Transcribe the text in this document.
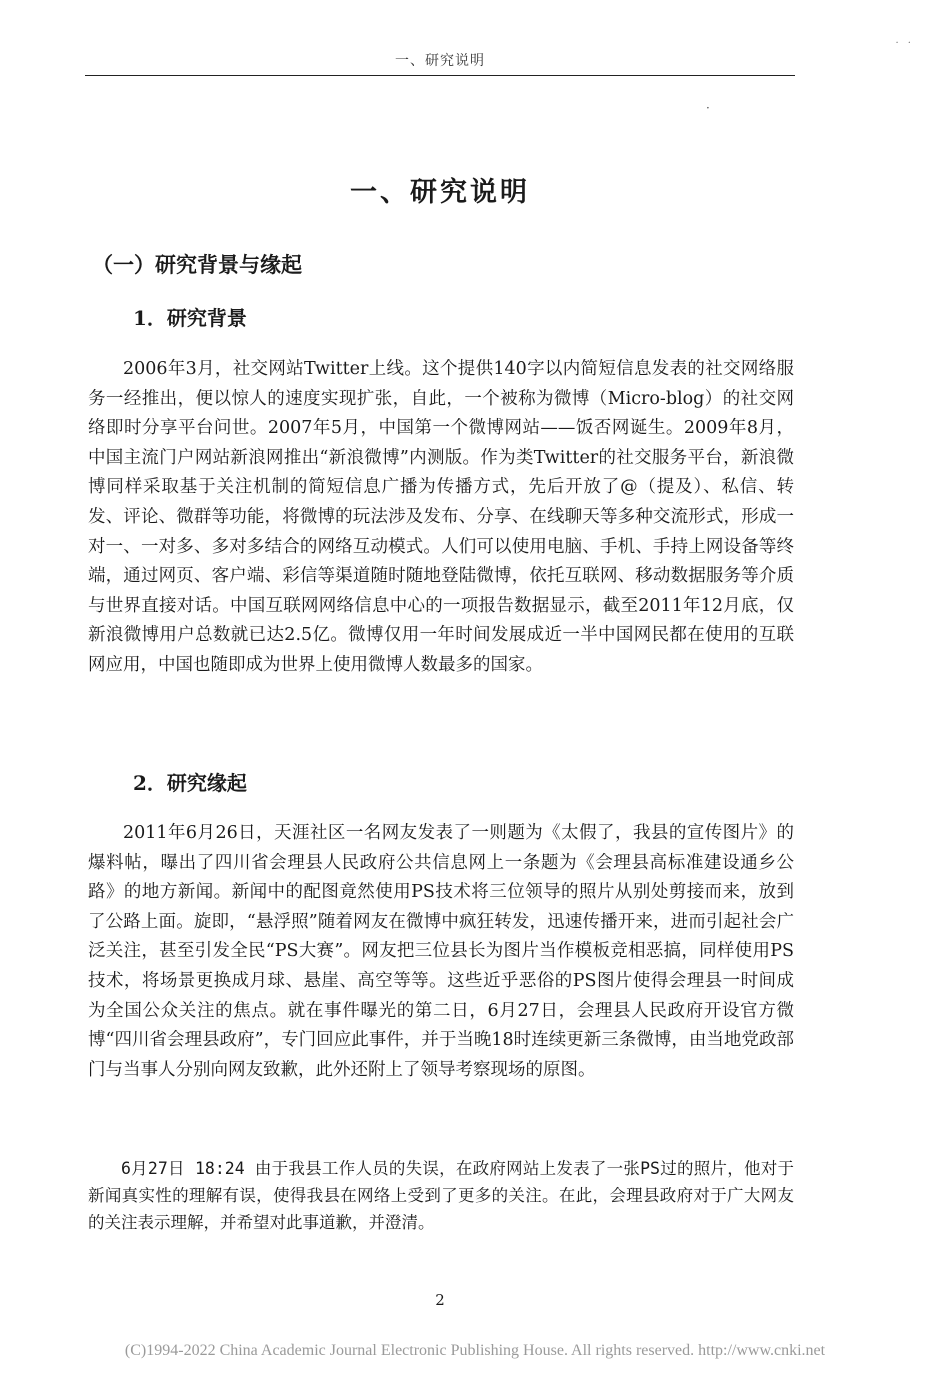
· ·
一、研究说明
·
一、研究说明
（一）研究背景与缘起
1．研究背景

2006年3月，社交网站Twitter上线。这个提供140字以内简短信息发表的社交网络服务一经推出，便以惊人的速度实现扩张，自此，一个被称为微博（Micro-blog）的社交网络即时分享平台问世。2007年5月，中国第一个微博网站——饭否网诞生。2009年8月，中国主流门户网站新浪网推出“新浪微博”内测版。作为类Twitter的社交服务平台，新浪微博同样采取基于关注机制的简短信息广播为传播方式，先后开放了@（提及）、私信、转发、评论、微群等功能，将微博的玩法涉及发布、分享、在线聊天等多种交流形式，形成一对一、一对多、多对多结合的网络互动模式。人们可以使用电脑、手机、手持上网设备等终端，通过网页、客户端、彩信等渠道随时随地登陆微博，依托互联网、移动数据服务等介质与世界直接对话。中国互联网网络信息中心的一项报告数据显示，截至2011年12月底，仅新浪微博用户总数就已达2.5亿。微博仅用一年时间发展成近一半中国网民都在使用的互联网应用，中国也随即成为世界上使用微博人数最多的国家。

2．研究缘起

2011年6月26日，天涯社区一名网友发表了一则题为《太假了，我县的宣传图片》的爆料帖，曝出了四川省会理县人民政府公共信息网上一条题为《会理县高标准建设通乡公路》的地方新闻。新闻中的配图竟然使用PS技术将三位领导的照片从别处剪接而来，放到了公路上面。旋即，“悬浮照”随着网友在微博中疯狂转发，迅速传播开来，进而引起社会广泛关注，甚至引发全民“PS大赛”。网友把三位县长为图片当作模板竞相恶搞，同样使用PS技术，将场景更换成月球、悬崖、高空等等。这些近乎恶俗的PS图片使得会理县一时间成为全国公众关注的焦点。就在事件曝光的第二日，6月27日，会理县人民政府开设官方微博“四川省会理县政府”，专门回应此事件，并于当晚18时连续更新三条微博，由当地党政部门与当事人分别向网友致歉，此外还附上了领导考察现场的原图。

6月27日 18:24 由于我县工作人员的失误，在政府网站上发表了一张PS过的照片，他对于新闻真实性的理解有误，使得我县在网络上受到了更多的关注。在此，会理县政府对于广大网友的关注表示理解，并希望对此事道歉，并澄清。

2
(C)1994-2022 China Academic Journal Electronic Publishing House. All rights reserved. http://www.cnki.net
